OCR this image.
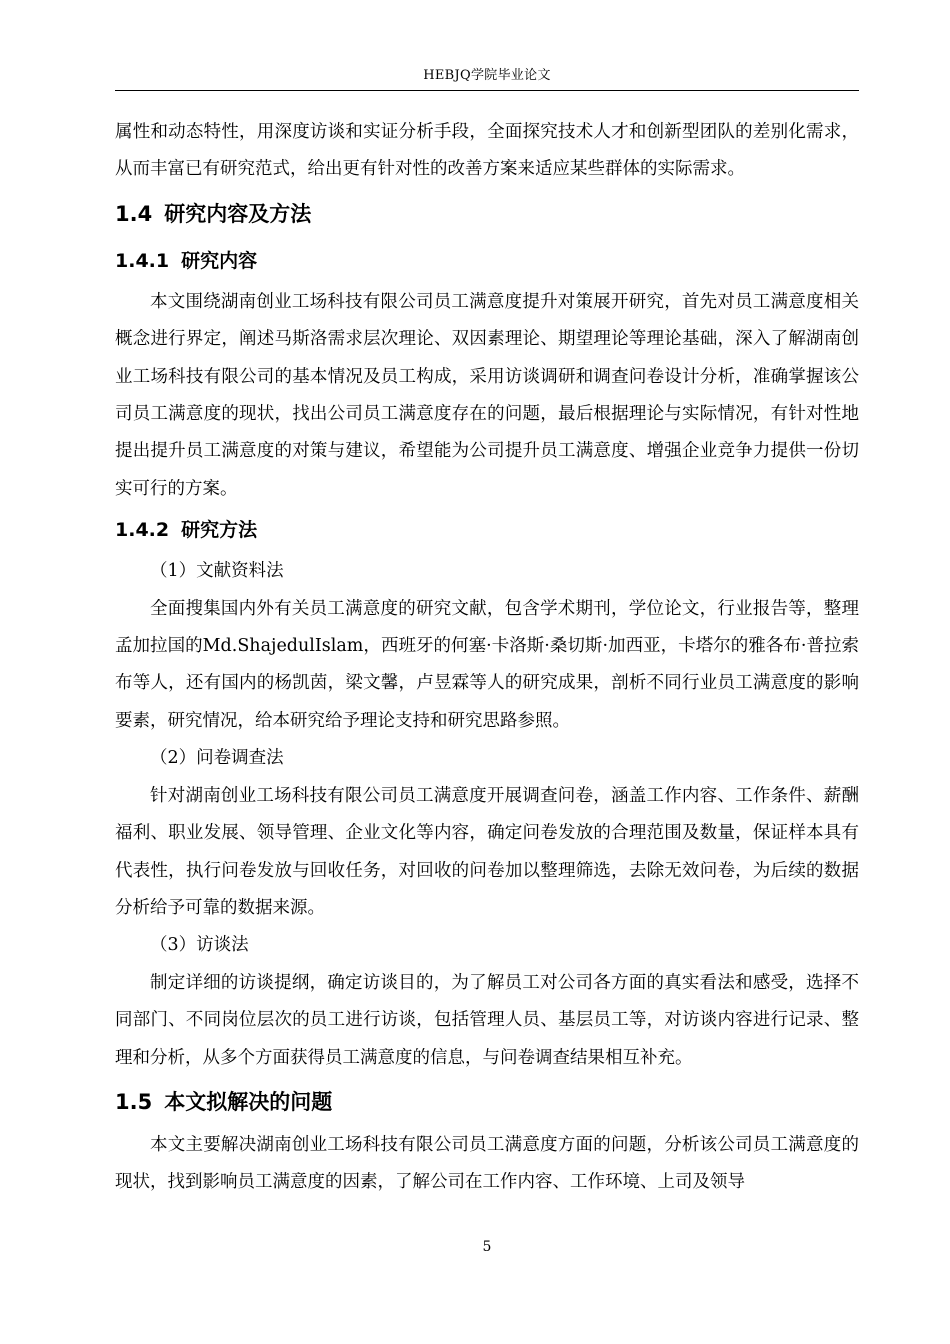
HEBJQ学院毕业论文

属性和动态特性，用深度访谈和实证分析手段，全面探究技术人才和创新型团队的差别化需求，从而丰富已有研究范式，给出更有针对性的改善方案来适应某些群体的实际需求。

1.4 研究内容及方法
1.4.1 研究内容

本文围绕湖南创业工场科技有限公司员工满意度提升对策展开研究，首先对员工满意度相关概念进行界定，阐述马斯洛需求层次理论、双因素理论、期望理论等理论基础，深入了解湖南创业工场科技有限公司的基本情况及员工构成，采用访谈调研和调查问卷设计分析，准确掌握该公司员工满意度的现状，找出公司员工满意度存在的问题，最后根据理论与实际情况，有针对性地提出提升员工满意度的对策与建议，希望能为公司提升员工满意度、增强企业竞争力提供一份切实可行的方案。

1.4.2 研究方法

（1）文献资料法

全面搜集国内外有关员工满意度的研究文献，包含学术期刊，学位论文，行业报告等，整理孟加拉国的Md.ShajedulIslam，西班牙的何塞·卡洛斯·桑切斯·加西亚，卡塔尔的雅各布·普拉索布等人，还有国内的杨凯茵，梁文馨，卢昱霖等人的研究成果，剖析不同行业员工满意度的影响要素，研究情况，给本研究给予理论支持和研究思路参照。

（2）问卷调查法

针对湖南创业工场科技有限公司员工满意度开展调查问卷，涵盖工作内容、工作条件、薪酬福利、职业发展、领导管理、企业文化等内容，确定问卷发放的合理范围及数量，保证样本具有代表性，执行问卷发放与回收任务，对回收的问卷加以整理筛选，去除无效问卷，为后续的数据分析给予可靠的数据来源。

（3）访谈法

制定详细的访谈提纲，确定访谈目的，为了解员工对公司各方面的真实看法和感受，选择不同部门、不同岗位层次的员工进行访谈，包括管理人员、基层员工等，对访谈内容进行记录、整理和分析，从多个方面获得员工满意度的信息，与问卷调查结果相互补充。

1.5 本文拟解决的问题

本文主要解决湖南创业工场科技有限公司员工满意度方面的问题，分析该公司员工满意度的现状，找到影响员工满意度的因素，了解公司在工作内容、工作环境、上司及领导

5
